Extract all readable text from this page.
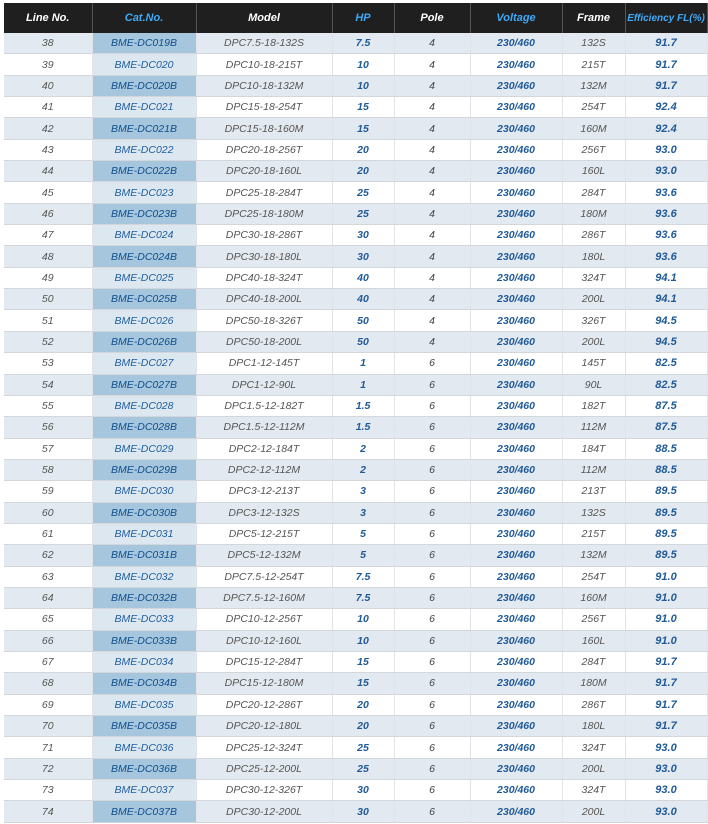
Line No.	Cat.No.	Model	HP	Pole	Voltage	Frame	Efficiency FL(%)
38	BME-DC019B	DPC7.5-18-132S	7.5	4	230/460	132S	91.7
39	BME-DC020	DPC10-18-215T	10	4	230/460	215T	91.7
40	BME-DC020B	DPC10-18-132M	10	4	230/460	132M	91.7
41	BME-DC021	DPC15-18-254T	15	4	230/460	254T	92.4
42	BME-DC021B	DPC15-18-160M	15	4	230/460	160M	92.4
43	BME-DC022	DPC20-18-256T	20	4	230/460	256T	93.0
44	BME-DC022B	DPC20-18-160L	20	4	230/460	160L	93.0
45	BME-DC023	DPC25-18-284T	25	4	230/460	284T	93.6
46	BME-DC023B	DPC25-18-180M	25	4	230/460	180M	93.6
47	BME-DC024	DPC30-18-286T	30	4	230/460	286T	93.6
48	BME-DC024B	DPC30-18-180L	30	4	230/460	180L	93.6
49	BME-DC025	DPC40-18-324T	40	4	230/460	324T	94.1
50	BME-DC025B	DPC40-18-200L	40	4	230/460	200L	94.1
51	BME-DC026	DPC50-18-326T	50	4	230/460	326T	94.5
52	BME-DC026B	DPC50-18-200L	50	4	230/460	200L	94.5
53	BME-DC027	DPC1-12-145T	1	6	230/460	145T	82.5
54	BME-DC027B	DPC1-12-90L	1	6	230/460	90L	82.5
55	BME-DC028	DPC1.5-12-182T	1.5	6	230/460	182T	87.5
56	BME-DC028B	DPC1.5-12-112M	1.5	6	230/460	112M	87.5
57	BME-DC029	DPC2-12-184T	2	6	230/460	184T	88.5
58	BME-DC029B	DPC2-12-112M	2	6	230/460	112M	88.5
59	BME-DC030	DPC3-12-213T	3	6	230/460	213T	89.5
60	BME-DC030B	DPC3-12-132S	3	6	230/460	132S	89.5
61	BME-DC031	DPC5-12-215T	5	6	230/460	215T	89.5
62	BME-DC031B	DPC5-12-132M	5	6	230/460	132M	89.5
63	BME-DC032	DPC7.5-12-254T	7.5	6	230/460	254T	91.0
64	BME-DC032B	DPC7.5-12-160M	7.5	6	230/460	160M	91.0
65	BME-DC033	DPC10-12-256T	10	6	230/460	256T	91.0
66	BME-DC033B	DPC10-12-160L	10	6	230/460	160L	91.0
67	BME-DC034	DPC15-12-284T	15	6	230/460	284T	91.7
68	BME-DC034B	DPC15-12-180M	15	6	230/460	180M	91.7
69	BME-DC035	DPC20-12-286T	20	6	230/460	286T	91.7
70	BME-DC035B	DPC20-12-180L	20	6	230/460	180L	91.7
71	BME-DC036	DPC25-12-324T	25	6	230/460	324T	93.0
72	BME-DC036B	DPC25-12-200L	25	6	230/460	200L	93.0
73	BME-DC037	DPC30-12-326T	30	6	230/460	324T	93.0
74	BME-DC037B	DPC30-12-200L	30	6	230/460	200L	93.0
